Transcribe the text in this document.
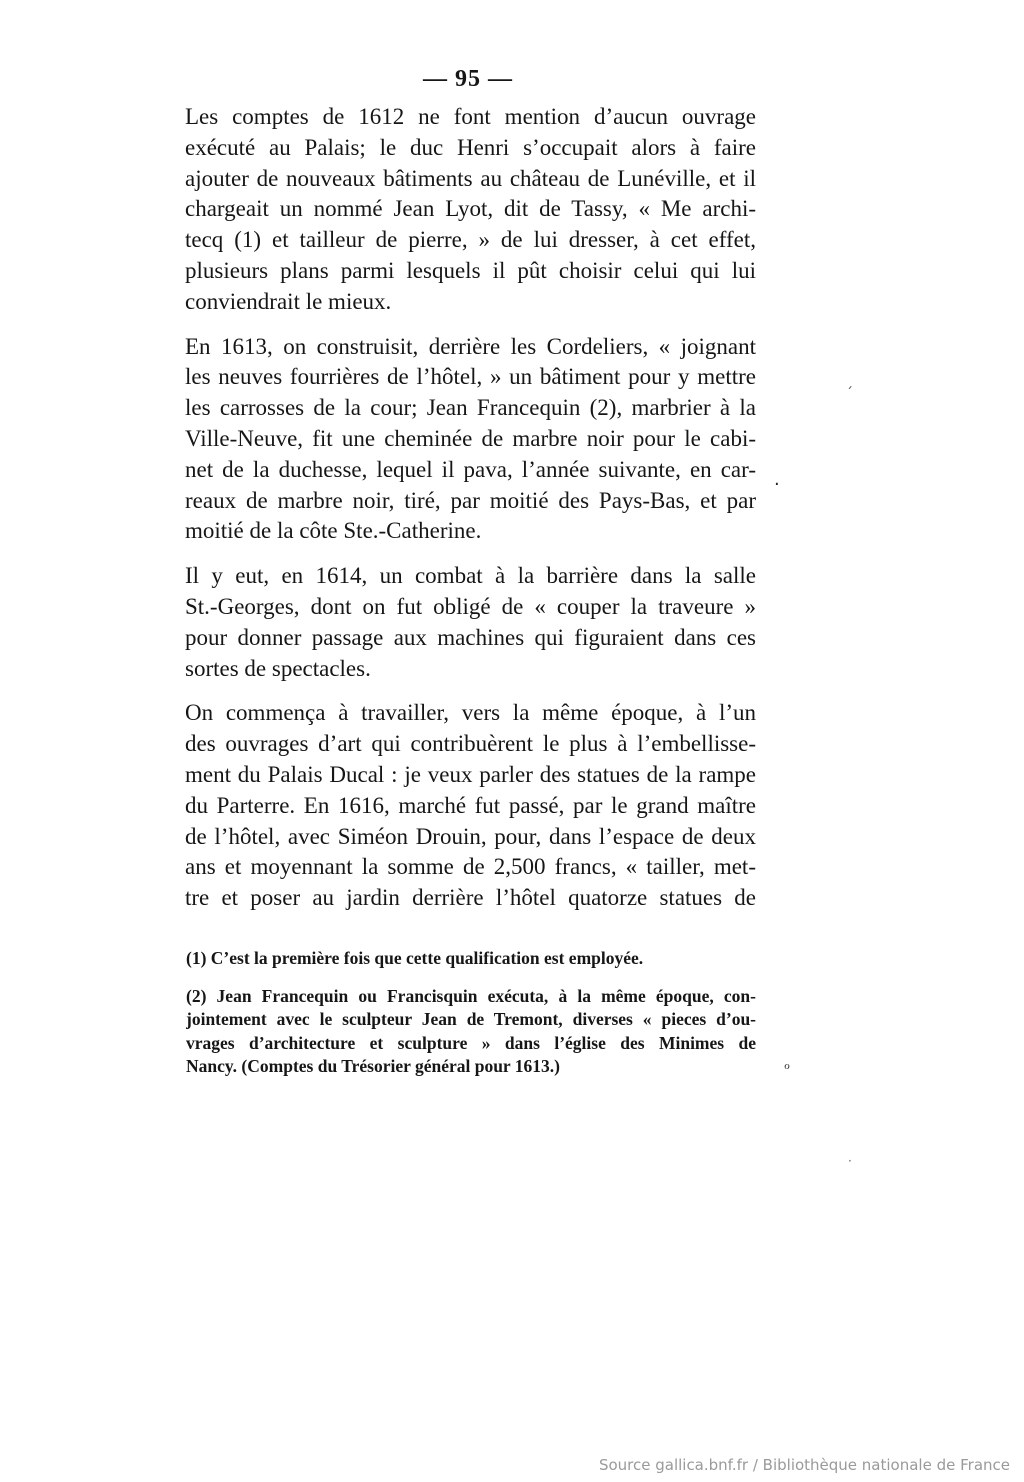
— 95 —
Les comptes de 1612 ne font mention d’aucun ouvrage
exécuté au Palais; le duc Henri s’occupait alors à faire
ajouter de nouveaux bâtiments au château de Lunéville, et il
chargeait un nommé Jean Lyot, dit de Tassy, « Me archi-
tecq (1) et tailleur de pierre, » de lui dresser, à cet effet,
plusieurs plans parmi lesquels il pût choisir celui qui lui
conviendrait le mieux.
En 1613, on construisit, derrière les Cordeliers, « joignant
les neuves fourrières de l’hôtel, » un bâtiment pour y mettre
les carrosses de la cour; Jean Francequin (2), marbrier à la
Ville-Neuve, fit une cheminée de marbre noir pour le cabi-
net de la duchesse, lequel il pava, l’année suivante, en car-
reaux de marbre noir, tiré, par moitié des Pays-Bas, et par
moitié de la côte Ste.-Catherine.
Il y eut, en 1614, un combat à la barrière dans la salle
St.-Georges, dont on fut obligé de « couper la traveure »
pour donner passage aux machines qui figuraient dans ces
sortes de spectacles.
On commença à travailler, vers la même époque, à l’un
des ouvrages d’art qui contribuèrent le plus à l’embellisse-
ment du Palais Ducal : je veux parler des statues de la rampe
du Parterre. En 1616, marché fut passé, par le grand maître
de l’hôtel, avec Siméon Drouin, pour, dans l’espace de deux
ans et moyennant la somme de 2,500 francs, « tailler, met-
tre et poser au jardin derrière l’hôtel quatorze statues de
(1) C’est la première fois que cette qualification est employée.
(2) Jean Francequin ou Francisquin exécuta, à la même époque, con-
jointement avec le sculpteur Jean de Tremont, diverses « pieces d’ou-
vrages d’architecture et sculpture » dans l’église des Minimes de
Nancy. (Comptes du Trésorier général pour 1613.)
ˊ
·
ℴ
·
Source gallica.bnf.fr / Bibliothèque nationale de France
